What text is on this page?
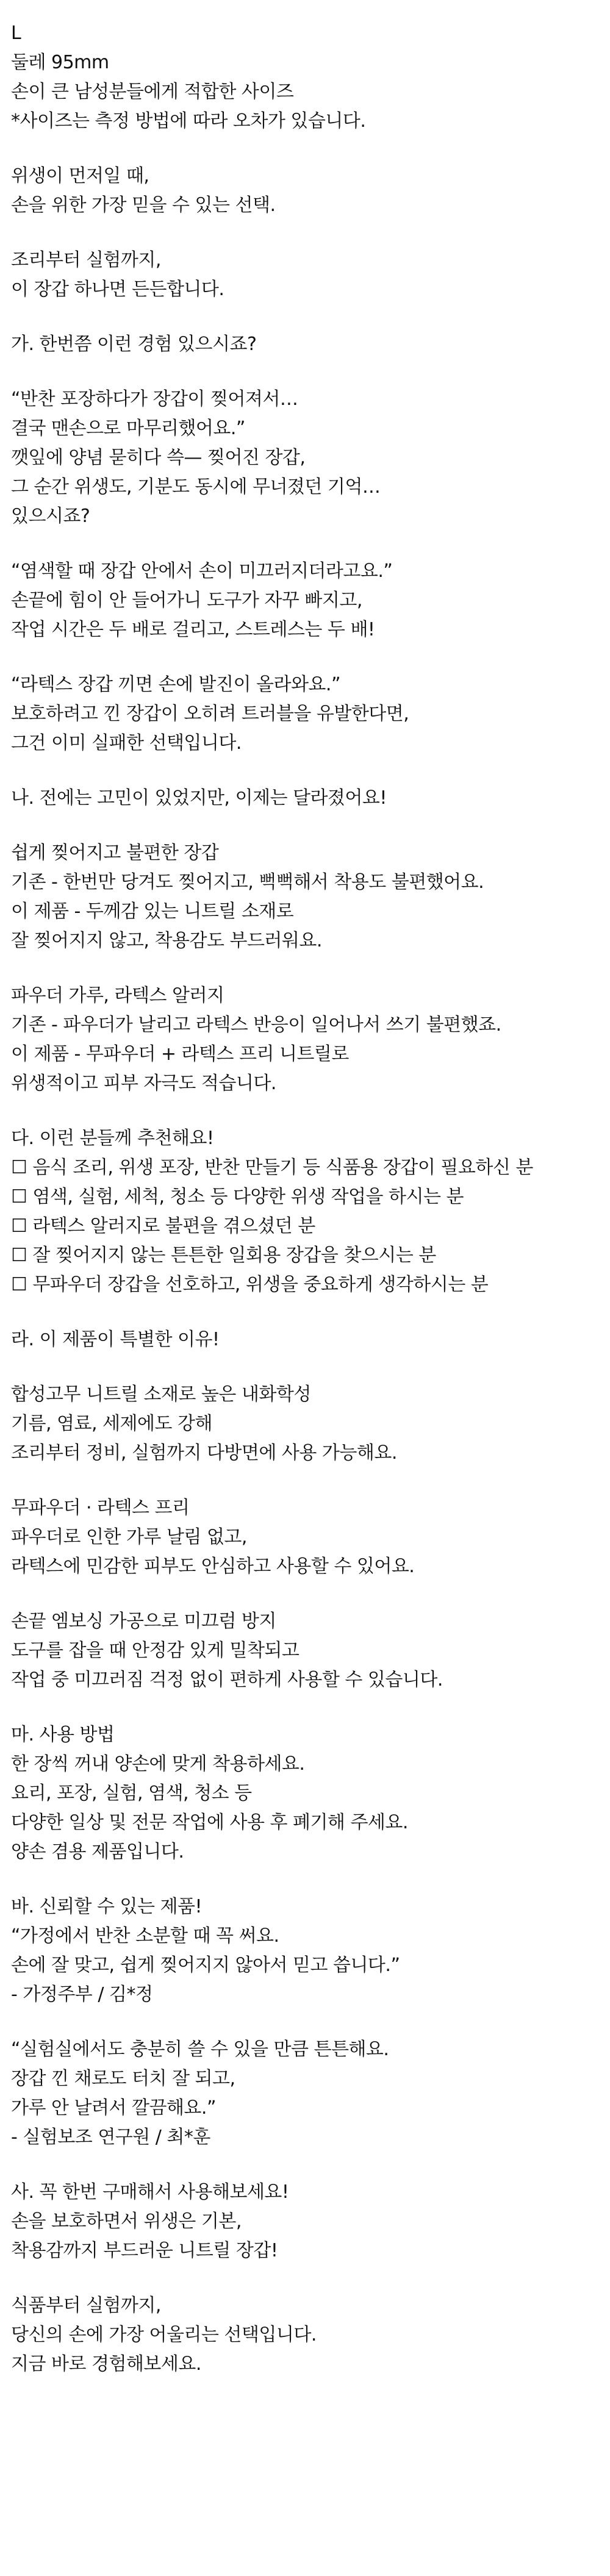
L
둘레 95mm
손이 큰 남성분들에게 적합한 사이즈
*사이즈는 측정 방법에 따라 오차가 있습니다.
위생이 먼저일 때,
손을 위한 가장 믿을 수 있는 선택.
조리부터 실험까지,
이 장갑 하나면 든든합니다.
가. 한번쯤 이런 경험 있으시죠?
“반찬 포장하다가 장갑이 찢어져서…
결국 맨손으로 마무리했어요.”
깻잎에 양념 묻히다 쓱— 찢어진 장갑,
그 순간 위생도, 기분도 동시에 무너졌던 기억…
있으시죠?
“염색할 때 장갑 안에서 손이 미끄러지더라고요.”
손끝에 힘이 안 들어가니 도구가 자꾸 빠지고,
작업 시간은 두 배로 걸리고, 스트레스는 두 배!
“라텍스 장갑 끼면 손에 발진이 올라와요.”
보호하려고 낀 장갑이 오히려 트러블을 유발한다면,
그건 이미 실패한 선택입니다.
나. 전에는 고민이 있었지만, 이제는 달라졌어요!
쉽게 찢어지고 불편한 장갑
기존 - 한번만 당겨도 찢어지고, 뻑뻑해서 착용도 불편했어요.
이 제품 - 두께감 있는 니트릴 소재로
잘 찢어지지 않고, 착용감도 부드러워요.
파우더 가루, 라텍스 알러지
기존 - 파우더가 날리고 라텍스 반응이 일어나서 쓰기 불편했죠.
이 제품 - 무파우더 + 라텍스 프리 니트릴로
위생적이고 피부 자극도 적습니다.
다. 이런 분들께 추천해요!
☐ 음식 조리, 위생 포장, 반찬 만들기 등 식품용 장갑이 필요하신 분
☐ 염색, 실험, 세척, 청소 등 다양한 위생 작업을 하시는 분
☐ 라텍스 알러지로 불편을 겪으셨던 분
☐ 잘 찢어지지 않는 튼튼한 일회용 장갑을 찾으시는 분
☐ 무파우더 장갑을 선호하고, 위생을 중요하게 생각하시는 분
라. 이 제품이 특별한 이유!
합성고무 니트릴 소재로 높은 내화학성
기름, 염료, 세제에도 강해
조리부터 정비, 실험까지 다방면에 사용 가능해요.
무파우더 · 라텍스 프리
파우더로 인한 가루 날림 없고,
라텍스에 민감한 피부도 안심하고 사용할 수 있어요.
손끝 엠보싱 가공으로 미끄럼 방지
도구를 잡을 때 안정감 있게 밀착되고
작업 중 미끄러짐 걱정 없이 편하게 사용할 수 있습니다.
마. 사용 방법
한 장씩 꺼내 양손에 맞게 착용하세요.
요리, 포장, 실험, 염색, 청소 등
다양한 일상 및 전문 작업에 사용 후 폐기해 주세요.
양손 겸용 제품입니다.
바. 신뢰할 수 있는 제품!
“가정에서 반찬 소분할 때 꼭 써요.
손에 잘 맞고, 쉽게 찢어지지 않아서 믿고 씁니다.”
- 가정주부 / 김*정
“실험실에서도 충분히 쓸 수 있을 만큼 튼튼해요.
장갑 낀 채로도 터치 잘 되고,
가루 안 날려서 깔끔해요.”
- 실험보조 연구원 / 최*훈
사. 꼭 한번 구매해서 사용해보세요!
손을 보호하면서 위생은 기본,
착용감까지 부드러운 니트릴 장갑!
식품부터 실험까지,
당신의 손에 가장 어울리는 선택입니다.
지금 바로 경험해보세요.
